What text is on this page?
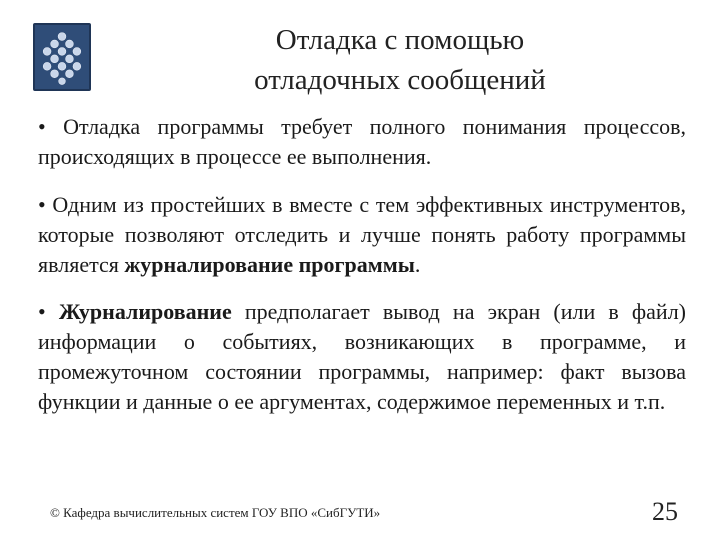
Отладка с помощью
отладочных сообщений

• Отладка программы требует полного понимания процессов, происходящих в процессе ее выполнения.

• Одним из простейших в вместе с тем эффективных инструментов, которые позволяют отследить и лучше понять работу программы является журналирование программы.

• Журналирование предполагает вывод на экран (или в файл) информации о событиях, возникающих в программе, и промежуточном состоянии программы, например: факт вызова функции и данные о ее аргументах, содержимое переменных и т.п.

© Кафедра вычислительных систем ГОУ ВПО «СибГУТИ»	25
